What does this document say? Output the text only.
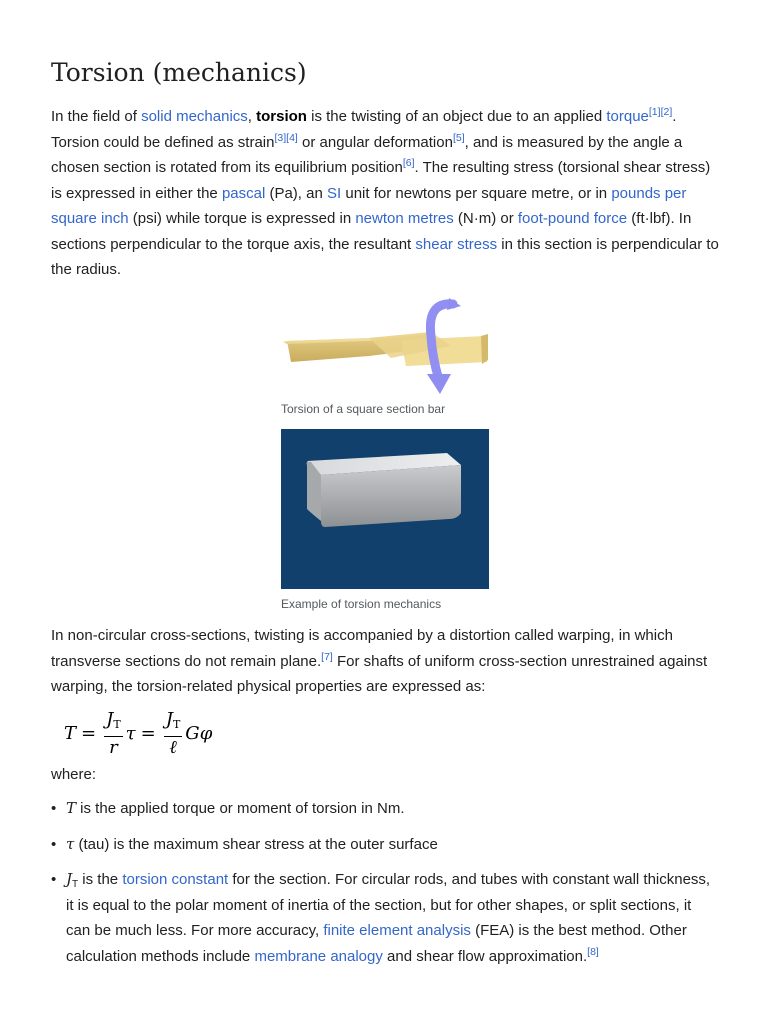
Torsion (mechanics)

In the field of solid mechanics, torsion is the twisting of an object due to an applied torque[1][2]. Torsion could be defined as strain[3][4] or angular deformation[5], and is measured by the angle a chosen section is rotated from its equilibrium position[6]. The resulting stress (torsional shear stress) is expressed in either the pascal (Pa), an SI unit for newtons per square metre, or in pounds per square inch (psi) while torque is expressed in newton metres (N·m) or foot-pound force (ft·lbf). In sections perpendicular to the torque axis, the resultant shear stress in this section is perpendicular to the radius.

Torsion of a square section bar
Example of torsion mechanics

In non-circular cross-sections, twisting is accompanied by a distortion called warping, in which transverse sections do not remain plane.[7] For shafts of uniform cross-section unrestrained against warping, the torsion-related physical properties are expressed as:

$T = \frac{J_T}{r}$ $\tau = \frac{J_T}{\text{ℓ}}$ G φ
where:
• T is the applied torque or moment of torsion in Nm.
• τ (tau) is the maximum shear stress at the outer surface
• $J_T$ is the torsion constant for the section. For circular rods, and tubes with constant wall thickness, it is equal to the polar moment of inertia of the section, but for other shapes, or split sections, it can be much less. For more accuracy, finite element analysis (FEA) is the best method. Other calculation methods include membrane analogy and shear flow approximation.[8]
